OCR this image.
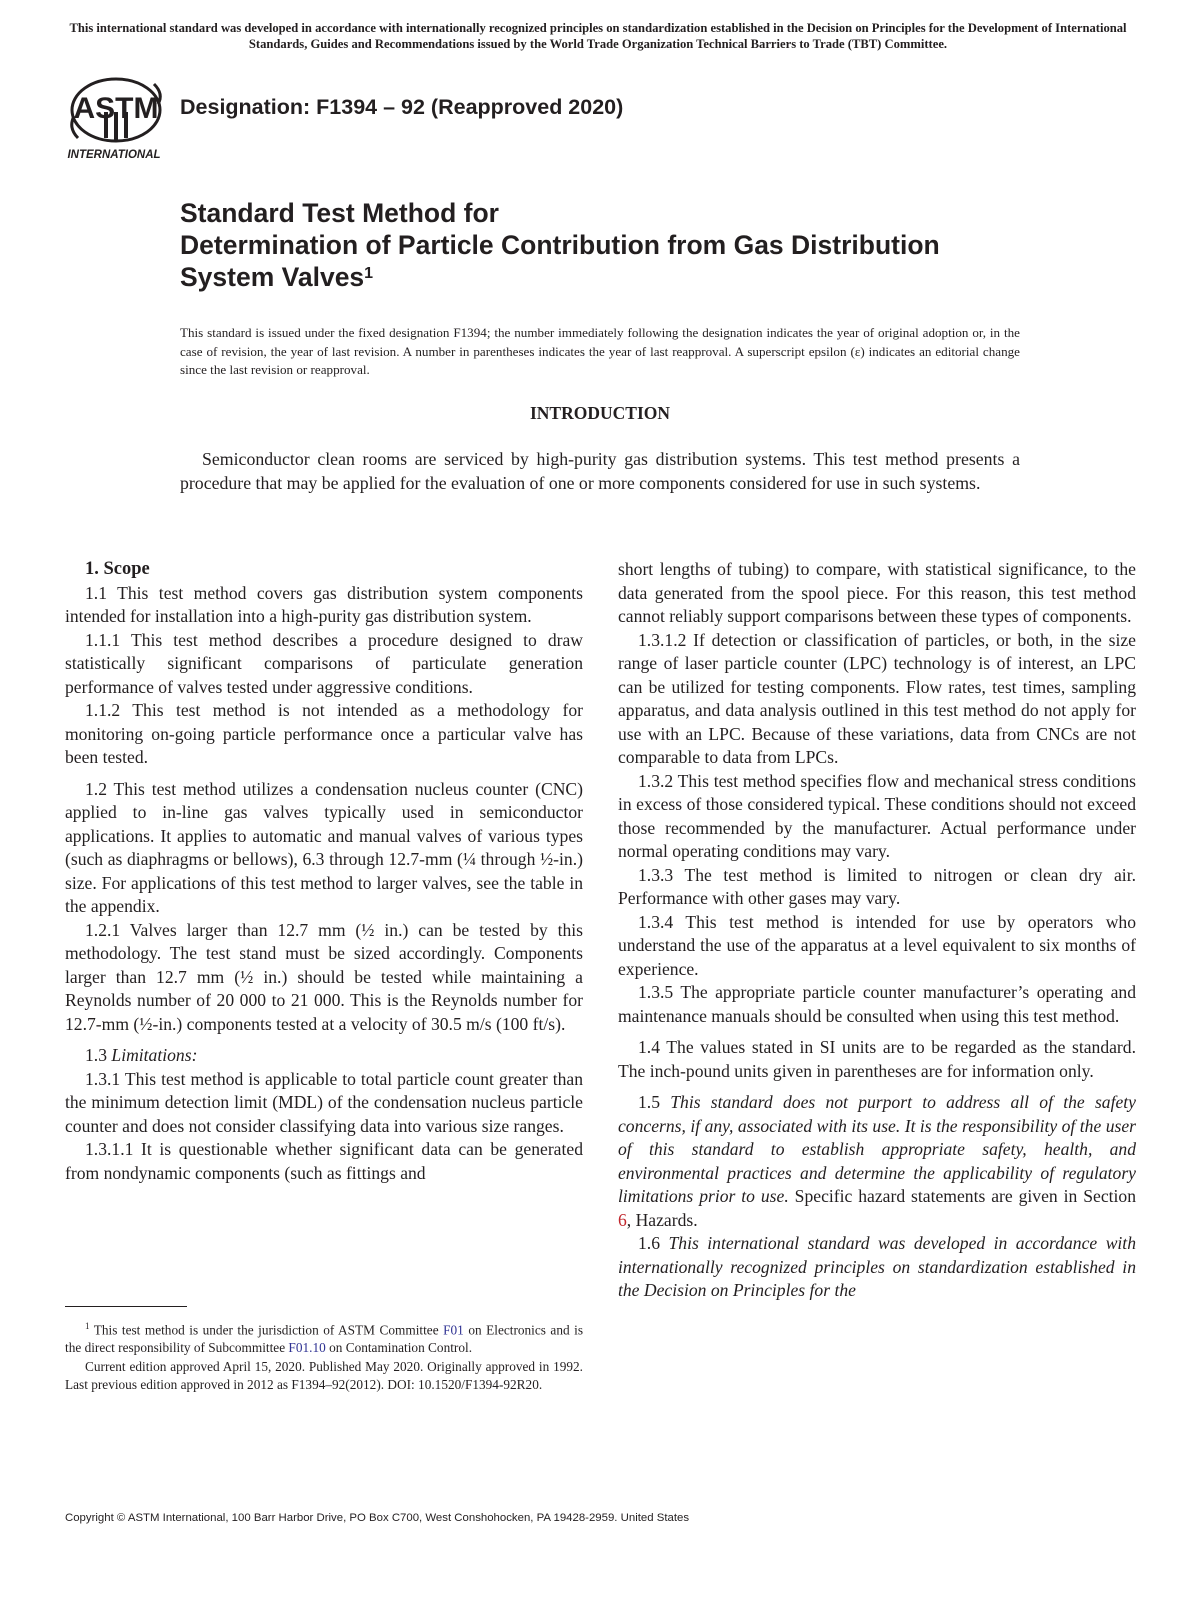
This international standard was developed in accordance with internationally recognized principles on standardization established in the Decision on Principles for the Development of International Standards, Guides and Recommendations issued by the World Trade Organization Technical Barriers to Trade (TBT) Committee.
ASTM
INTERNATIONAL
Designation: F1394 – 92 (Reapproved 2020)
Standard Test Method for
Determination of Particle Contribution from Gas Distribution
System Valves$^1$
This standard is issued under the fixed designation F1394; the number immediately following the designation indicates the year of original adoption or, in the case of revision, the year of last revision. A number in parentheses indicates the year of last reapproval. A superscript epsilon (ε) indicates an editorial change since the last revision or reapproval.
INTRODUCTION
Semiconductor clean rooms are serviced by high-purity gas distribution systems. This test method presents a procedure that may be applied for the evaluation of one or more components considered for use in such systems.

1. Scope

1.1 This test method covers gas distribution system components intended for installation into a high-purity gas distribution system.

1.1.1 This test method describes a procedure designed to draw statistically significant comparisons of particulate generation performance of valves tested under aggressive conditions.

1.1.2 This test method is not intended as a methodology for monitoring on-going particle performance once a particular valve has been tested.

1.2 This test method utilizes a condensation nucleus counter (CNC) applied to in-line gas valves typically used in semiconductor applications. It applies to automatic and manual valves of various types (such as diaphragms or bellows), 6.3 through 12.7-mm (¼ through ½-in.) size. For applications of this test method to larger valves, see the table in the appendix.

1.2.1 Valves larger than 12.7 mm (½ in.) can be tested by this methodology. The test stand must be sized accordingly. Components larger than 12.7 mm (½ in.) should be tested while maintaining a Reynolds number of 20 000 to 21 000. This is the Reynolds number for 12.7-mm (½-in.) components tested at a velocity of 30.5 m/s (100 ft/s).

1.3 Limitations:

1.3.1 This test method is applicable to total particle count greater than the minimum detection limit (MDL) of the condensation nucleus particle counter and does not consider classifying data into various size ranges.

1.3.1.1 It is questionable whether significant data can be generated from nondynamic components (such as fittings and

$^1$ This test method is under the jurisdiction of ASTM Committee F01 on Electronics and is the direct responsibility of Subcommittee F01.10 on Contamination Control.

Current edition approved April 15, 2020. Published May 2020. Originally approved in 1992. Last previous edition approved in 2012 as F1394–92(2012). DOI: 10.1520/F1394-92R20.

short lengths of tubing) to compare, with statistical significance, to the data generated from the spool piece. For this reason, this test method cannot reliably support comparisons between these types of components.

1.3.1.2 If detection or classification of particles, or both, in the size range of laser particle counter (LPC) technology is of interest, an LPC can be utilized for testing components. Flow rates, test times, sampling apparatus, and data analysis outlined in this test method do not apply for use with an LPC. Because of these variations, data from CNCs are not comparable to data from LPCs.

1.3.2 This test method specifies flow and mechanical stress conditions in excess of those considered typical. These conditions should not exceed those recommended by the manufacturer. Actual performance under normal operating conditions may vary.

1.3.3 The test method is limited to nitrogen or clean dry air. Performance with other gases may vary.

1.3.4 This test method is intended for use by operators who understand the use of the apparatus at a level equivalent to six months of experience.

1.3.5 The appropriate particle counter manufacturer’s operating and maintenance manuals should be consulted when using this test method.

1.4 The values stated in SI units are to be regarded as the standard. The inch-pound units given in parentheses are for information only.

1.5 This standard does not purport to address all of the safety concerns, if any, associated with its use. It is the responsibility of the user of this standard to establish appropriate safety, health, and environmental practices and determine the applicability of regulatory limitations prior to use. Specific hazard statements are given in Section 6, Hazards.

1.6 This international standard was developed in accordance with internationally recognized principles on standardization established in the Decision on Principles for the

Copyright © ASTM International, 100 Barr Harbor Drive, PO Box C700, West Conshohocken, PA 19428-2959. United States
